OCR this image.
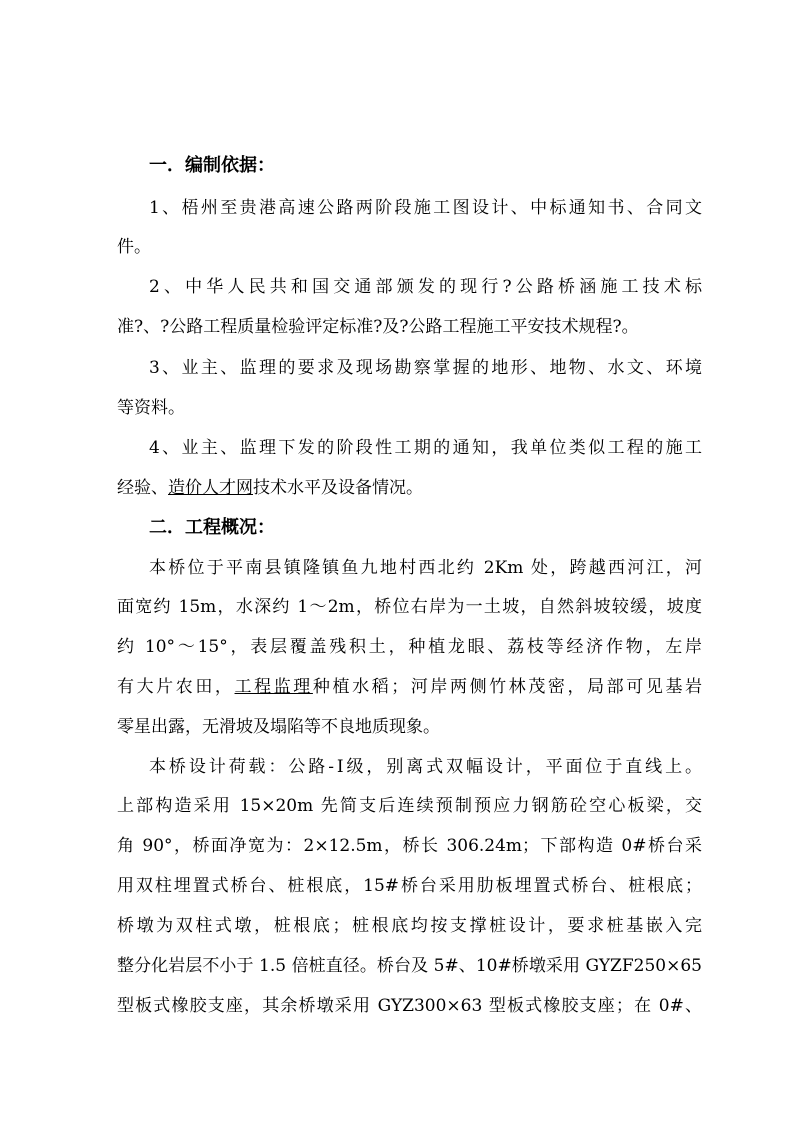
一．编制依据：
1、梧州至贵港高速公路两阶段施工图设计、中标通知书、合同文
件。
2、中华人民共和国交通部颁发的现行?公路桥涵施工技术标
准?、?公路工程质量检验评定标准?及?公路工程施工平安技术规程?。
3、业主、监理的要求及现场勘察掌握的地形、地物、水文、环境
等资料。
4、业主、监理下发的阶段性工期的通知，我单位类似工程的施工
经验、造价人才网技术水平及设备情况。
二．工程概况：
本桥位于平南县镇隆镇鱼九地村西北约 2Km 处，跨越西河江，河
面宽约 15m，水深约 1～2m，桥位右岸为一土坡，自然斜坡较缓，坡度
约 10°～15°，表层覆盖残积土，种植龙眼、荔枝等经济作物，左岸
有大片农田，工程监理种植水稻；河岸两侧竹林茂密，局部可见基岩
零星出露，无滑坡及塌陷等不良地质现象。
本桥设计荷载：公路-Ⅰ级，别离式双幅设计，平面位于直线上。
上部构造采用 15×20m 先简支后连续预制预应力钢筋砼空心板梁，交
角 90°，桥面净宽为：2×12.5m，桥长 306.24m；下部构造 0#桥台采
用双柱埋置式桥台、桩根底，15#桥台采用肋板埋置式桥台、桩根底；
桥墩为双柱式墩，桩根底；桩根底均按支撑桩设计，要求桩基嵌入完
整分化岩层不小于 1.5 倍桩直径。桥台及 5#、10#桥墩采用 GYZF250×65
型板式橡胶支座，其余桥墩采用 GYZ300×63 型板式橡胶支座；在 0#、
